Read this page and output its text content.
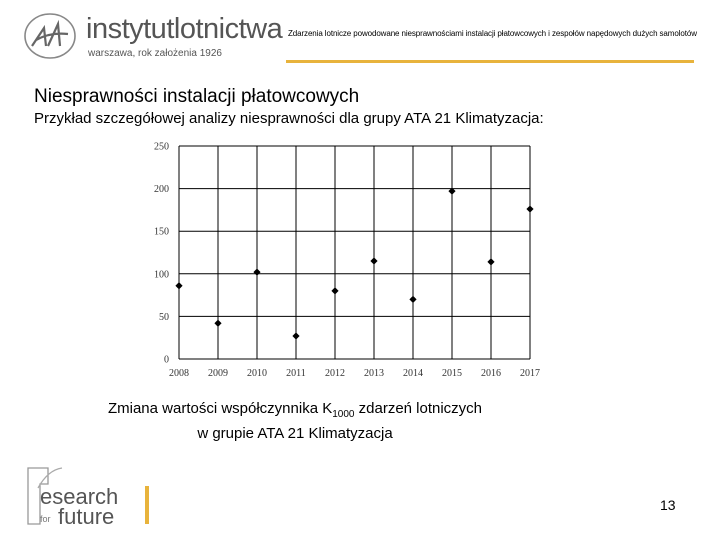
instytutlotnictwa
warszawa, rok założenia 1926
Zdarzenia lotnicze powodowane niesprawnościami instalacji płatowcowych i zespołów napędowych dużych samolotów
Niesprawności instalacji płatowcowych
Przykład szczegółowej analizy niesprawności dla grupy ATA 21 Klimatyzacja:
0
50
100
150
200
250
2008 2009 2010 2011 2012 2013 2014 2015 2016 2017
Zmiana wartości współczynnika $K_{1000}$ zdarzeń lotniczych
w grupie ATA 21 Klimatyzacja
esearch
future
for
13
